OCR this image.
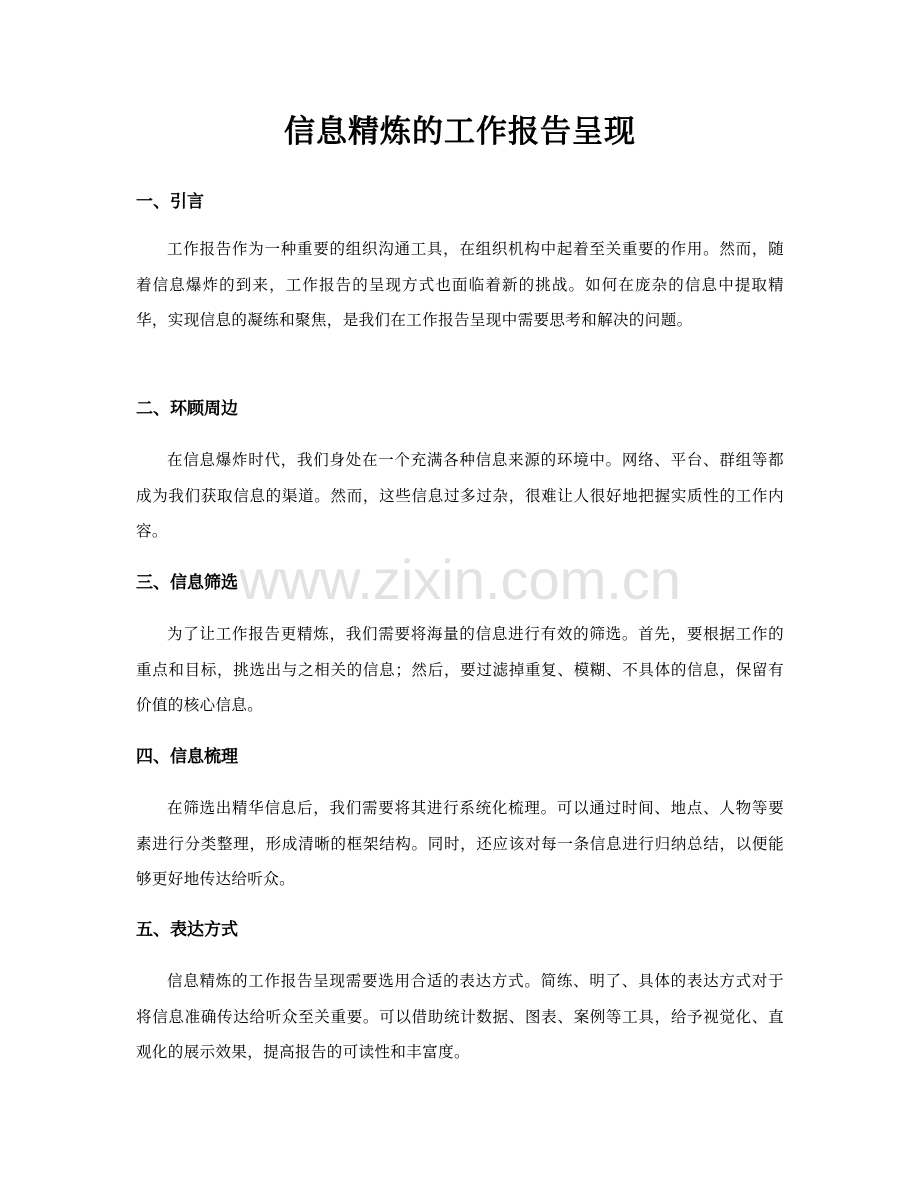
信息精炼的工作报告呈现
一、引言

工作报告作为一种重要的组织沟通工具，在组织机构中起着至关重要的作用。然而，随着信息爆炸的到来，工作报告的呈现方式也面临着新的挑战。如何在庞杂的信息中提取精华，实现信息的凝练和聚焦，是我们在工作报告呈现中需要思考和解决的问题。

二、环顾周边

在信息爆炸时代，我们身处在一个充满各种信息来源的环境中。网络、平台、群组等都成为我们获取信息的渠道。然而，这些信息过多过杂，很难让人很好地把握实质性的工作内容。

三、信息筛选

为了让工作报告更精炼，我们需要将海量的信息进行有效的筛选。首先，要根据工作的重点和目标，挑选出与之相关的信息；然后，要过滤掉重复、模糊、不具体的信息，保留有价值的核心信息。

四、信息梳理

在筛选出精华信息后，我们需要将其进行系统化梳理。可以通过时间、地点、人物等要素进行分类整理，形成清晰的框架结构。同时，还应该对每一条信息进行归纳总结，以便能够更好地传达给听众。

五、表达方式

信息精炼的工作报告呈现需要选用合适的表达方式。简练、明了、具体的表达方式对于将信息准确传达给听众至关重要。可以借助统计数据、图表、案例等工具，给予视觉化、直观化的展示效果，提高报告的可读性和丰富度。

www.zixin.com.cn
